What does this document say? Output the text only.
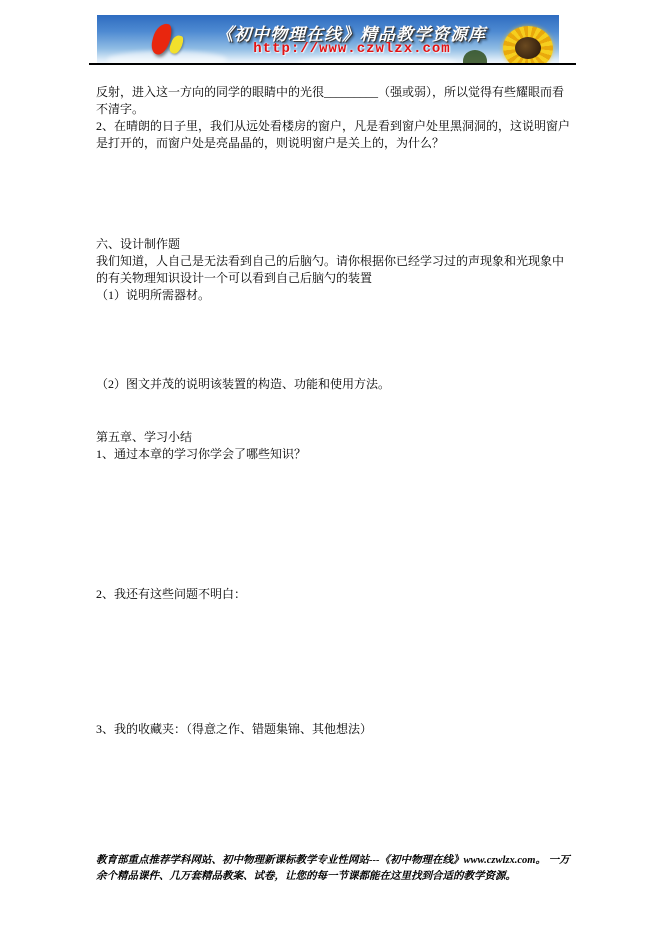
《初中物理在线》精品教学资源库
http://www.czwlzx.com

反射，进入这一方向的同学的眼睛中的光很_________（强或弱），所以觉得有些耀眼而看不清字。

2、在晴朗的日子里，我们从远处看楼房的窗户，凡是看到窗户处里黑洞洞的，这说明窗户是打开的，而窗户处是亮晶晶的，则说明窗户是关上的，为什么？

六、设计制作题

我们知道，人自己是无法看到自己的后脑勺。请你根据你已经学习过的声现象和光现象中的有关物理知识设计一个可以看到自己后脑勺的装置

（1）说明所需器材。

（2）图文并茂的说明该装置的构造、功能和使用方法。

第五章、学习小结

1、通过本章的学习你学会了哪些知识？

2、我还有这些问题不明白：

3、我的收藏夹：（得意之作、错题集锦、其他想法）

教育部重点推荐学科网站、初中物理新课标教学专业性网站---《初中物理在线》www.czwlzx.com。 一万余个精品课件、几万套精品教案、试卷，让您的每一节课都能在这里找到合适的教学资源。
